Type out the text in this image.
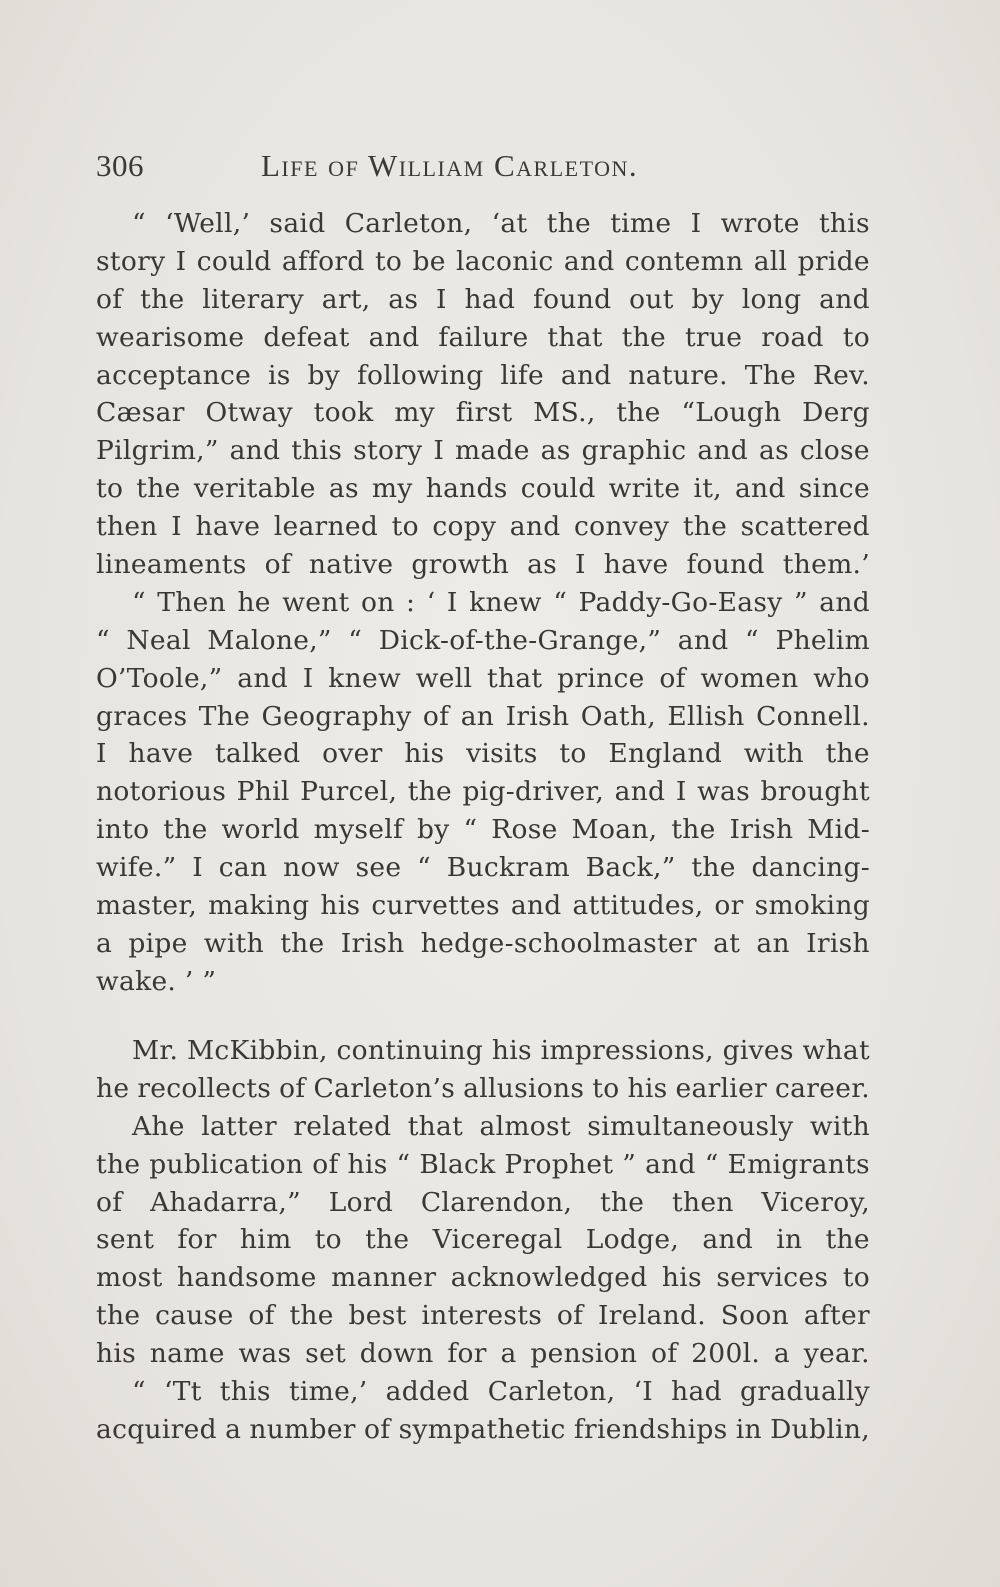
306	Life of William Carleton.
“ ‘Well,’ said Carleton, ‘at the time I wrote this
story I could afford to be laconic and contemn all pride
of the literary art, as I had found out by long and
wearisome defeat and failure that the true road to
acceptance is by following life and nature. The Rev.
Cæsar Otway took my first MS., the “Lough Derg
Pilgrim,” and this story I made as graphic and as close
to the veritable as my hands could write it, and since
then I have learned to copy and convey the scattered
lineaments of native growth as I have found them.’
“ Then he went on : ‘ I knew “ Paddy-Go-Easy ” and
“ Neal Malone,” “ Dick-of-the-Grange,” and “ Phelim
O’Toole,” and I knew well that prince of women who
graces The Geography of an Irish Oath, Ellish Connell.
I have talked over his visits to England with the
notorious Phil Purcel, the pig-driver, and I was brought
into the world myself by “ Rose Moan, the Irish Mid-
wife.” I can now see “ Buckram Back,” the dancing-
master, making his curvettes and attitudes, or smoking
a pipe with the Irish hedge-schoolmaster at an Irish
wake. ’ ”
Mr. McKibbin, continuing his impressions, gives what
he recollects of Carleton’s allusions to his earlier career.
Ahe latter related that almost simultaneously with
the publication of his “ Black Prophet ” and “ Emigrants
of Ahadarra,” Lord Clarendon, the then Viceroy,
sent for him to the Viceregal Lodge, and in the
most handsome manner acknowledged his services to
the cause of the best interests of Ireland. Soon after
his name was set down for a pension of 200l. a year.
“ ‘Tt this time,’ added Carleton, ‘I had gradually
acquired a number of sympathetic friendships in Dublin,
